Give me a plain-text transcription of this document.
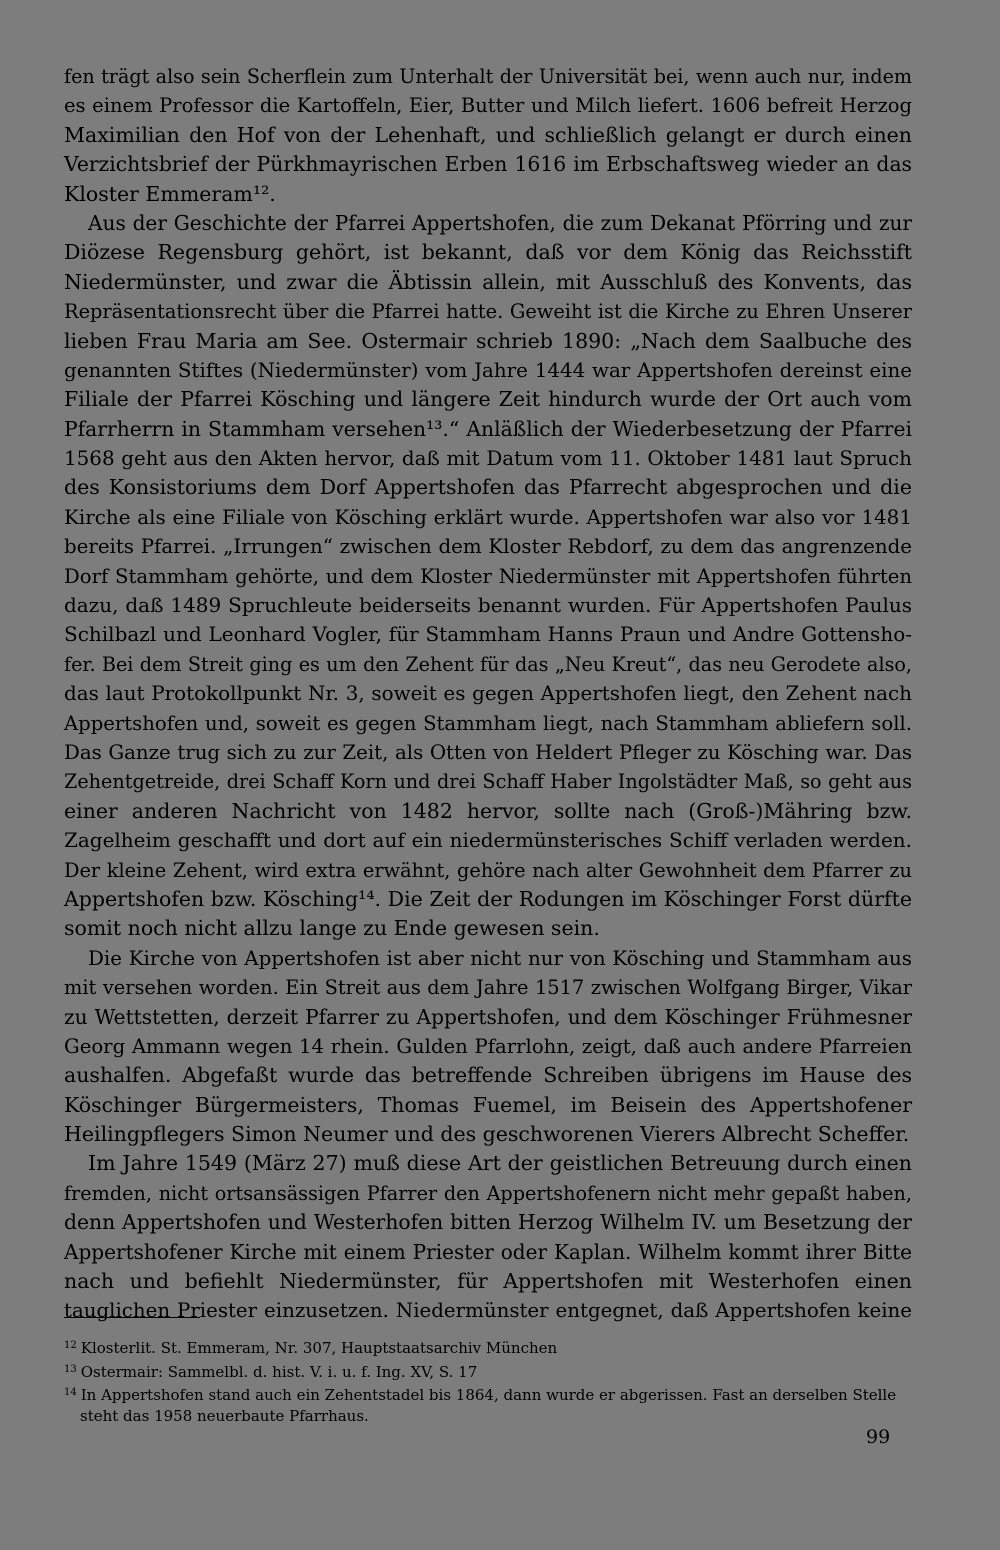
fen trägt also sein Scherflein zum Unterhalt der Universität bei, wenn auch nur, indem
es einem Professor die Kartoffeln, Eier, Butter und Milch liefert. 1606 befreit Herzog
Maximilian den Hof von der Lehenhaft, und schließlich gelangt er durch einen
Verzichtsbrief der Pürkhmayrischen Erben 1616 im Erbschaftsweg wieder an das
Kloster Emmeram¹².
Aus der Geschichte der Pfarrei Appertshofen, die zum Dekanat Pförring und zur
Diözese Regensburg gehört, ist bekannt, daß vor dem König das Reichsstift
Niedermünster, und zwar die Äbtissin allein, mit Ausschluß des Konvents, das
Repräsentationsrecht über die Pfarrei hatte. Geweiht ist die Kirche zu Ehren Unserer
lieben Frau Maria am See. Ostermair schrieb 1890: „Nach dem Saalbuche des
genannten Stiftes (Niedermünster) vom Jahre 1444 war Appertshofen dereinst eine
Filiale der Pfarrei Kösching und längere Zeit hindurch wurde der Ort auch vom
Pfarrherrn in Stammham versehen¹³.“ Anläßlich der Wiederbesetzung der Pfarrei
1568 geht aus den Akten hervor, daß mit Datum vom 11. Oktober 1481 laut Spruch
des Konsistoriums dem Dorf Appertshofen das Pfarrecht abgesprochen und die
Kirche als eine Filiale von Kösching erklärt wurde. Appertshofen war also vor 1481
bereits Pfarrei. „Irrungen“ zwischen dem Kloster Rebdorf, zu dem das angrenzende
Dorf Stammham gehörte, und dem Kloster Niedermünster mit Appertshofen führten
dazu, daß 1489 Spruchleute beiderseits benannt wurden. Für Appertshofen Paulus
Schilbazl und Leonhard Vogler, für Stammham Hanns Praun und Andre Gottensho-
fer. Bei dem Streit ging es um den Zehent für das „Neu Kreut“, das neu Gerodete also,
das laut Protokollpunkt Nr. 3, soweit es gegen Appertshofen liegt, den Zehent nach
Appertshofen und, soweit es gegen Stammham liegt, nach Stammham abliefern soll.
Das Ganze trug sich zu zur Zeit, als Otten von Heldert Pfleger zu Kösching war. Das
Zehentgetreide, drei Schaff Korn und drei Schaff Haber Ingolstädter Maß, so geht aus
einer anderen Nachricht von 1482 hervor, sollte nach (Groß-)Mähring bzw.
Zagelheim geschafft und dort auf ein niedermünsterisches Schiff verladen werden.
Der kleine Zehent, wird extra erwähnt, gehöre nach alter Gewohnheit dem Pfarrer zu
Appertshofen bzw. Kösching¹⁴. Die Zeit der Rodungen im Köschinger Forst dürfte
somit noch nicht allzu lange zu Ende gewesen sein.
Die Kirche von Appertshofen ist aber nicht nur von Kösching und Stammham aus
mit versehen worden. Ein Streit aus dem Jahre 1517 zwischen Wolfgang Birger, Vikar
zu Wettstetten, derzeit Pfarrer zu Appertshofen, und dem Köschinger Frühmesner
Georg Ammann wegen 14 rhein. Gulden Pfarrlohn, zeigt, daß auch andere Pfarreien
aushalfen. Abgefaßt wurde das betreffende Schreiben übrigens im Hause des
Köschinger Bürgermeisters, Thomas Fuemel, im Beisein des Appertshofener
Heilingpflegers Simon Neumer und des geschworenen Vierers Albrecht Scheffer.
Im Jahre 1549 (März 27) muß diese Art der geistlichen Betreuung durch einen
fremden, nicht ortsansässigen Pfarrer den Appertshofenern nicht mehr gepaßt haben,
denn Appertshofen und Westerhofen bitten Herzog Wilhelm IV. um Besetzung der
Appertshofener Kirche mit einem Priester oder Kaplan. Wilhelm kommt ihrer Bitte
nach und befiehlt Niedermünster, für Appertshofen mit Westerhofen einen
tauglichen Priester einzusetzen. Niedermünster entgegnet, daß Appertshofen keine
$^{12}$ Klosterlit. St. Emmeram, Nr. 307, Hauptstaatsarchiv München
$^{13}$ Ostermair: Sammelbl. d. hist. V. i. u. f. Ing. XV, S. 17
$^{14}$ In Appertshofen stand auch ein Zehentstadel bis 1864, dann wurde er abgerissen. Fast an derselben Stelle
steht das 1958 neuerbaute Pfarrhaus.
99
